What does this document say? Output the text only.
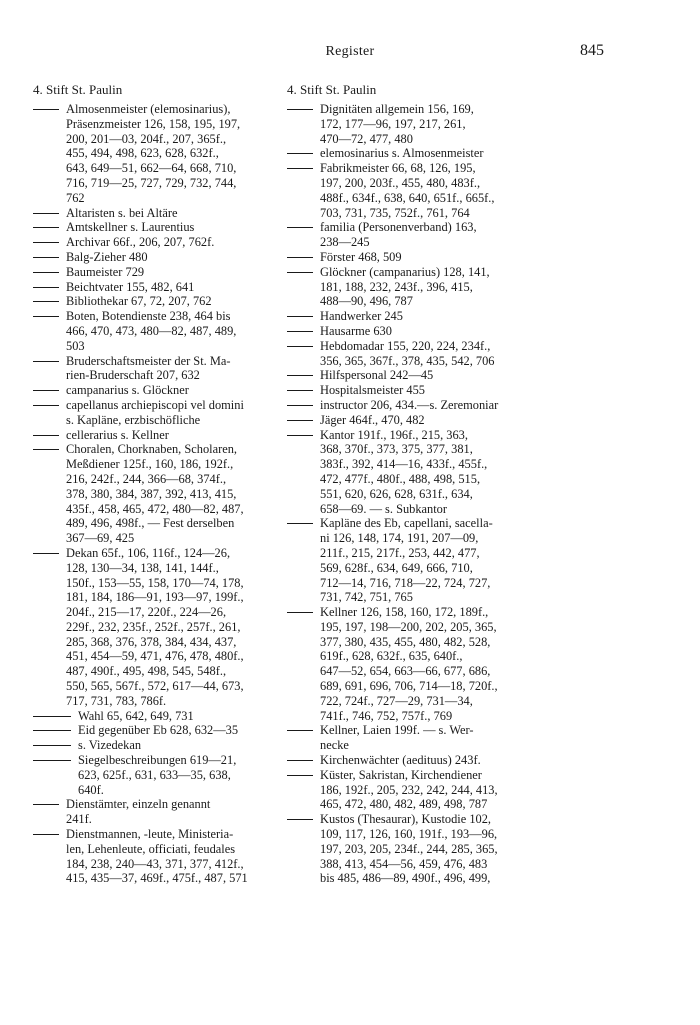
Register	845
4. Stift St. Paulin
Almosenmeister (elemosinarius),
Präsenzmeister 126, 158, 195, 197,
200, 201—03, 204f., 207, 365f.,
455, 494, 498, 623, 628, 632f.,
643, 649—51, 662—64, 668, 710,
716, 719—25, 727, 729, 732, 744,
762
Altaristen s. bei Altäre
Amtskellner s. Laurentius
Archivar 66f., 206, 207, 762f.
Balg-Zieher 480
Baumeister 729
Beichtvater 155, 482, 641
Bibliothekar 67, 72, 207, 762
Boten, Botendienste 238, 464 bis
466, 470, 473, 480—82, 487, 489,
503
Bruderschaftsmeister der St. Ma-
rien-Bruderschaft 207, 632
campanarius s. Glöckner
capellanus archiepiscopi vel domini
s. Kapläne, erzbischöfliche
cellerarius s. Kellner
Choralen, Chorknaben, Scholaren,
Meßdiener 125f., 160, 186, 192f.,
216, 242f., 244, 366—68, 374f.,
378, 380, 384, 387, 392, 413, 415,
435f., 458, 465, 472, 480—82, 487,
489, 496, 498f., — Fest derselben
367—69, 425
Dekan 65f., 106, 116f., 124—26,
128, 130—34, 138, 141, 144f.,
150f., 153—55, 158, 170—74, 178,
181, 184, 186—91, 193—97, 199f.,
204f., 215—17, 220f., 224—26,
229f., 232, 235f., 252f., 257f., 261,
285, 368, 376, 378, 384, 434, 437,
451, 454—59, 471, 476, 478, 480f.,
487, 490f., 495, 498, 545, 548f.,
550, 565, 567f., 572, 617—44, 673,
717, 731, 783, 786f.
Wahl 65, 642, 649, 731
Eid gegenüber Eb 628, 632—35
s. Vizedekan
Siegelbeschreibungen 619—21,
623, 625f., 631, 633—35, 638,
640f.
Dienstämter, einzeln genannt
241f.
Dienstmannen, -leute, Ministeria-
len, Lehenleute, officiati, feudales
184, 238, 240—43, 371, 377, 412f.,
415, 435—37, 469f., 475f., 487, 571
4. Stift St. Paulin
Dignitäten allgemein 156, 169,
172, 177—96, 197, 217, 261,
470—72, 477, 480
elemosinarius s. Almosenmeister
Fabrikmeister 66, 68, 126, 195,
197, 200, 203f., 455, 480, 483f.,
488f., 634f., 638, 640, 651f., 665f.,
703, 731, 735, 752f., 761, 764
familia (Personenverband) 163,
238—245
Förster 468, 509
Glöckner (campanarius) 128, 141,
181, 188, 232, 243f., 396, 415,
488—90, 496, 787
Handwerker 245
Hausarme 630
Hebdomadar 155, 220, 224, 234f.,
356, 365, 367f., 378, 435, 542, 706
Hilfspersonal 242—45
Hospitalsmeister 455
instructor 206, 434.—s. Zeremoniar
Jäger 464f., 470, 482
Kantor 191f., 196f., 215, 363,
368, 370f., 373, 375, 377, 381,
383f., 392, 414—16, 433f., 455f.,
472, 477f., 480f., 488, 498, 515,
551, 620, 626, 628, 631f., 634,
658—69. — s. Subkantor
Kapläne des Eb, capellani, sacella-
ni 126, 148, 174, 191, 207—09,
211f., 215, 217f., 253, 442, 477,
569, 628f., 634, 649, 666, 710,
712—14, 716, 718—22, 724, 727,
731, 742, 751, 765
Kellner 126, 158, 160, 172, 189f.,
195, 197, 198—200, 202, 205, 365,
377, 380, 435, 455, 480, 482, 528,
619f., 628, 632f., 635, 640f.,
647—52, 654, 663—66, 677, 686,
689, 691, 696, 706, 714—18, 720f.,
722, 724f., 727—29, 731—34,
741f., 746, 752, 757f., 769
Kellner, Laien 199f. — s. Wer-
necke
Kirchenwächter (aedituus) 243f.
Küster, Sakristan, Kirchendiener
186, 192f., 205, 232, 242, 244, 413,
465, 472, 480, 482, 489, 498, 787
Kustos (Thesaurar), Kustodie 102,
109, 117, 126, 160, 191f., 193—96,
197, 203, 205, 234f., 244, 285, 365,
388, 413, 454—56, 459, 476, 483
bis 485, 486—89, 490f., 496, 499,
